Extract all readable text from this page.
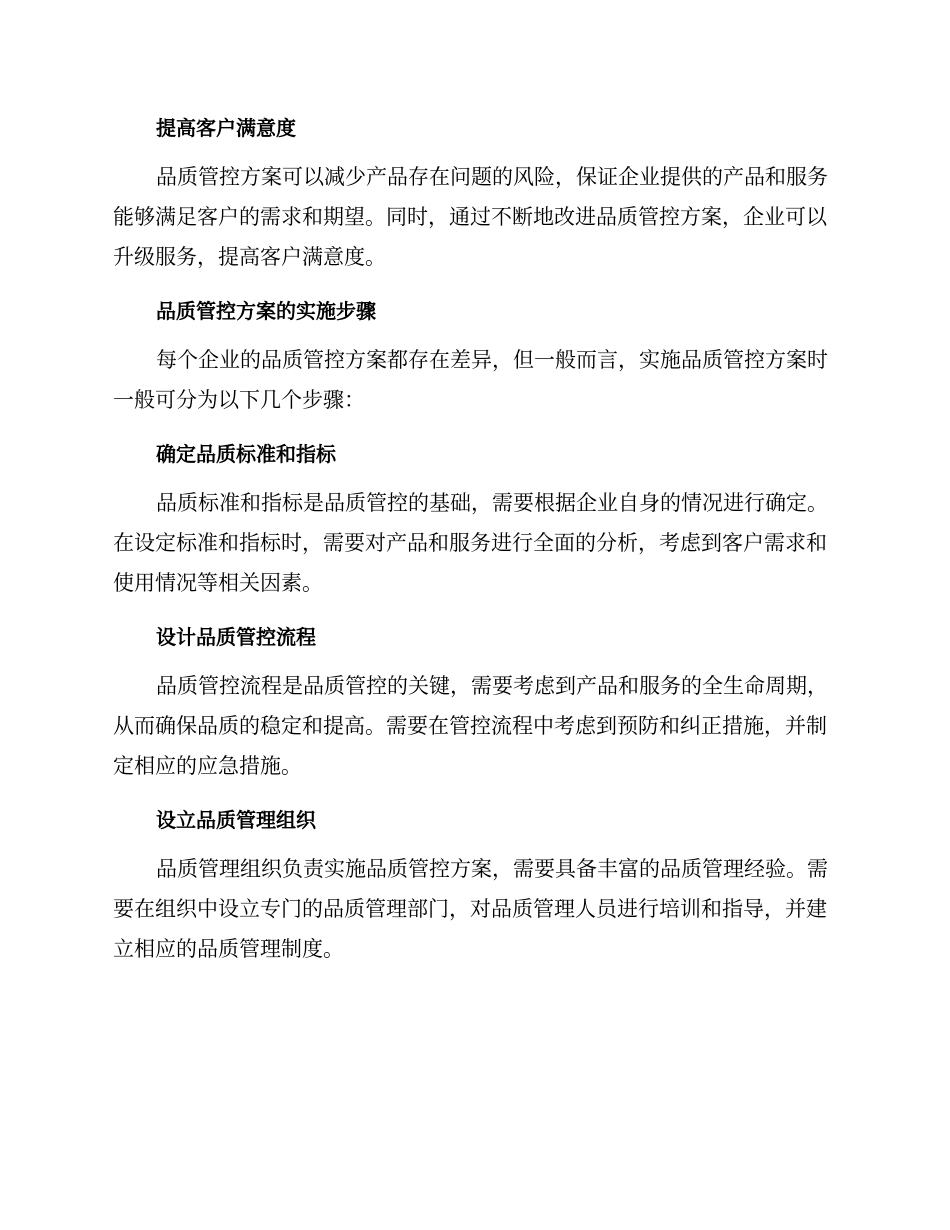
提高客户满意度

品质管控方案可以减少产品存在问题的风险，保证企业提供的产品和服务能够满足客户的需求和期望。同时，通过不断地改进品质管控方案，企业可以升级服务，提高客户满意度。

品质管控方案的实施步骤

每个企业的品质管控方案都存在差异，但一般而言，实施品质管控方案时一般可分为以下几个步骤：

确定品质标准和指标

品质标准和指标是品质管控的基础，需要根据企业自身的情况进行确定。在设定标准和指标时，需要对产品和服务进行全面的分析，考虑到客户需求和使用情况等相关因素。

设计品质管控流程

品质管控流程是品质管控的关键，需要考虑到产品和服务的全生命周期，从而确保品质的稳定和提高。需要在管控流程中考虑到预防和纠正措施，并制定相应的应急措施。

设立品质管理组织

品质管理组织负责实施品质管控方案，需要具备丰富的品质管理经验。需要在组织中设立专门的品质管理部门，对品质管理人员进行培训和指导，并建立相应的品质管理制度。
